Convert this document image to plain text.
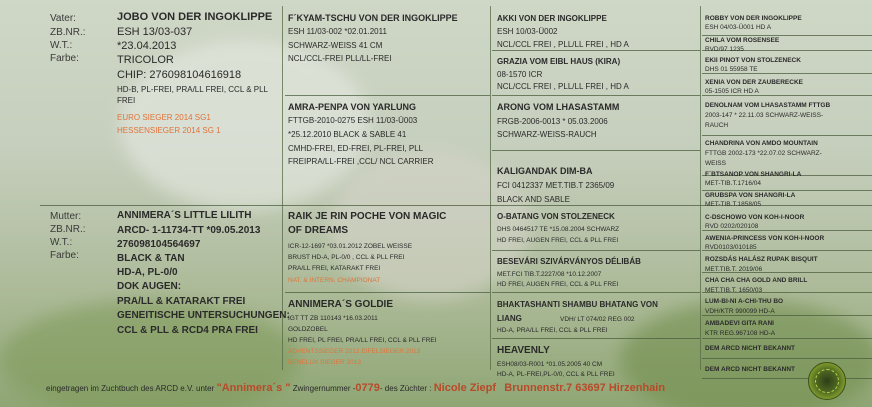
Vater:
ZB.NR.:
W.T.:
Farbe:
JOBO VON DER INGOKLIPPE
ESH 13/03-037
*23.04.2013
TRICOLOR
CHIP: 276098104616918
HD-B, PL-FREI, PRA/LL FREI, CCL & PLL
FREI
EURO SIEGER 2014 SG1
HESSENSIEGER 2014 SG 1
Mutter:
ZB.NR.:
W.T.:
Farbe:
ANNIMERA´S LITTLE LILITH
ARCD- 1-11734-TT *09.05.2013
276098104564697
BLACK & TAN
HD-A, PL-0/0
DOK AUGEN:
PRA/LL & KATARAKT FREI
GENEITISCHE UNTERSUCHUNGEN:
CCL & PLL & RCD4 PRA FREI
F´KYAM-TSCHU VON DER INGOKLIPPE
ESH 11/03-002 *02.01.2011
SCHWARZ-WEISS 41 CM
NCL/CCL-FREI PLL/LL-FREI
AMRA-PENPA VON YARLUNG
FTTGB-2010-0275 ESH 11/03-Ü003
*25.12.2010 BLACK & SABLE 41
CMHD-FREI, ED-FREI, PL-FREI, PLL
FREIPRA/LL-FREI ,CCL/ NCL CARRIER
RAIK JE RIN POCHE VON MAGIC
OF DREAMS
ICR-12-1697 *03.01.2012 ZOBEL WEISSE
BRUST HD-A, PL-0/0 , CCL & PLL FREI
PRA/LL FREI, KATARAKT FREI
NAT. & INTERN. CHAMPIONAT
ANNIMERA´S GOLDIE
IGT TT ZB 110143 *16.03.2011
GOLDZOBEL
HD FREI, PL FREI, PRA/LL FREI, CCL & PLL FREI
ADVENTSSIEGER 2012 EIFELSIEGER 2013
BENELUX SIEGER 2013
AKKI VON DER INGOKLIPPE
ESH 10/03-Ü002
NCL/CCL FREI , PLL/LL FREI , HD A
GRAZIA VOM EIBL HAUS (KIRA)
08-1570 ICR
NCL/CCL FREI , PLL/LL FREI , HD A
ARONG VOM LHASASTAMM
FRGB-2006-0013 * 05.03.2006
SCHWARZ-WEISS-RAUCH
KALIGANDAK DIM-BA
FCI 0412337 MET.TIB.T 2365/09
BLACK AND SABLE
O-BATANG VON STOLZENECK
DHS 0464517 TE *15.08.2004 SCHWARZ
HD FREI, AUGEN FREI, CCL & PLL FREI
BESEVÁRI SZIVÁRVÁNYOS DÉLIBÁB
MET.FCI TIB.T.2227/08 *10.12.2007
HD FREI, AUGEN FREI, CCL & PLL FREI
BHAKTASHANTI SHAMBU BHATANG VON
LIANG	VDH/ LT 074/02 REG 002
HD-A, PRA/LL FREI, CCL & PLL FREI
HEAVENLY
ESH08/03-R001 *01.05.2005 40 CM
HD-A, PL-FREI,PL-0/0, CCL & PLL FREI
ROBBY VON DER INGOKLIPPE
ESH 04/03-Ü001 HD A
CHILA VOM ROSENSEE
RVD/97 1235
EKII PINOT VON STOLZENECK
DHS 01 55958 TE
XENIA VON DER ZAUBERECKE
05-1505 ICR HD A
DENOLNAM VOM LHASASTAMM FTTGB
2003-147 * 22.11.03 SCHWARZ-WEISS-
RAUCH
CHANDRINA VON AMDO MOUNTAIN
FTTGB 2002-173 *22.07.02 SCHWARZ-
WEISS
F´BTSANOP VON SHANGRI-LA
MET-TIB.T.1716/04
GRUBSPA VON SHANGRI-LA
MET-TIB.T.1858/05
C-DSCHOWO VON KOH-I-NOOR
RVD 0202/020108
AWENIA-PRINCESS VON KOH-I-NOOR
RVD0103/010185
ROZSDÁS HALÁSZ RUPAK BISQUIT
MET.TIB.T. 2019/06
CHA CHA CHA GOLD AND BRILL
MET.TIB.T. 1650/03
LUM-BI-NI A-CHI-THU BO
VDH/KTR 990099 HD-A
AMBADEVI GITA RANI
KTR REG.967108 HD-A
DEM ARCD NICHT BEKANNT
DEM ARCD NICHT BEKANNT
eingetragen im Zuchtbuch des ARCD e.V. unter "Annimera´s " Zwingernummer -0779- des Züchter : Nicole Ziepf Brunnenstr.7 63697 Hirzenhain
